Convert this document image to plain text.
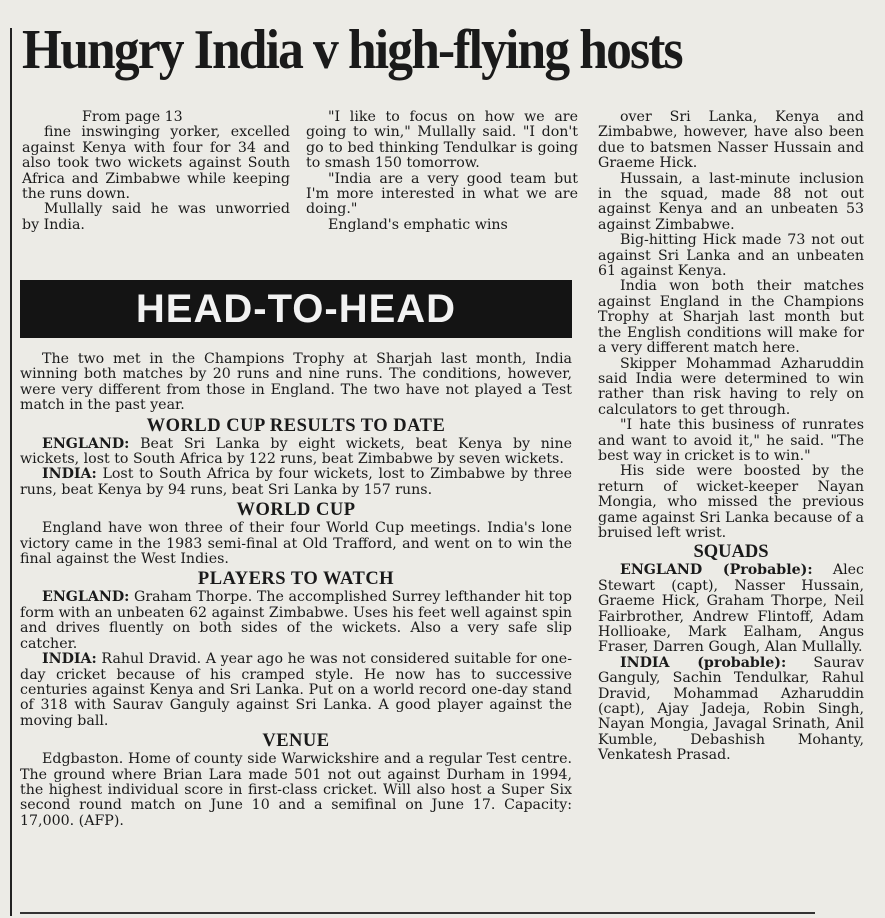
Hungry India v high-flying hosts

From page 13

fine inswinging yorker, excelled against Kenya with four for 34 and also took two wickets against South Africa and Zimbabwe while keeping the runs down.

Mullally said he was unworried by India.

"I like to focus on how we are going to win," Mullally said. "I don't go to bed thinking Tendulkar is going to smash 150 tomorrow.

"India are a very good team but I'm more interested in what we are doing."

England's emphatic wins

over Sri Lanka, Kenya and Zimbabwe, however, have also been due to batsmen Nasser Hussain and Graeme Hick.

Hussain, a last-minute inclusion in the squad, made 88 not out against Kenya and an unbeaten 53 against Zimbabwe.

Big-hitting Hick made 73 not out against Sri Lanka and an unbeaten 61 against Kenya.

India won both their matches against England in the Champions Trophy at Sharjah last month but the English conditions will make for a very different match here.

Skipper Mohammad Azharuddin said India were determined to win rather than risk having to rely on calculators to get through.

"I hate this business of runrates and want to avoid it," he said. "The best way in cricket is to win."

His side were boosted by the return of wicket-keeper Nayan Mongia, who missed the previous game against Sri Lanka because of a bruised left wrist.

SQUADS

ENGLAND (Probable): Alec Stewart (capt), Nasser Hussain, Graeme Hick, Graham Thorpe, Neil Fairbrother, Andrew Flintoff, Adam Hollioake, Mark Ealham, Angus Fraser, Darren Gough, Alan Mullally.

INDIA (probable): Saurav Ganguly, Sachin Tendulkar, Rahul Dravid, Mohammad Azharuddin (capt), Ajay Jadeja, Robin Singh, Nayan Mongia, Javagal Srinath, Anil Kumble, Debashish Mohanty, Venkatesh Prasad.

HEAD-TO-HEAD

The two met in the Champions Trophy at Sharjah last month, India winning both matches by 20 runs and nine runs. The conditions, however, were very different from those in England. The two have not played a Test match in the past year.

WORLD CUP RESULTS TO DATE

ENGLAND: Beat Sri Lanka by eight wickets, beat Kenya by nine wickets, lost to South Africa by 122 runs, beat Zimbabwe by seven wickets.

INDIA: Lost to South Africa by four wickets, lost to Zimbabwe by three runs, beat Kenya by 94 runs, beat Sri Lanka by 157 runs.

WORLD CUP

England have won three of their four World Cup meetings. India's lone victory came in the 1983 semi-final at Old Trafford, and went on to win the final against the West Indies.

PLAYERS TO WATCH

ENGLAND: Graham Thorpe. The accomplished Surrey lefthander hit top form with an unbeaten 62 against Zimbabwe. Uses his feet well against spin and drives fluently on both sides of the wickets. Also a very safe slip catcher.

INDIA: Rahul Dravid. A year ago he was not considered suitable for one-day cricket because of his cramped style. He now has to successive centuries against Kenya and Sri Lanka. Put on a world record one-day stand of 318 with Saurav Ganguly against Sri Lanka. A good player against the moving ball.

VENUE

Edgbaston. Home of county side Warwickshire and a regular Test centre. The ground where Brian Lara made 501 not out against Durham in 1994, the highest individual score in first-class cricket. Will also host a Super Six second round match on June 10 and a semifinal on June 17. Capacity: 17,000. (AFP).
